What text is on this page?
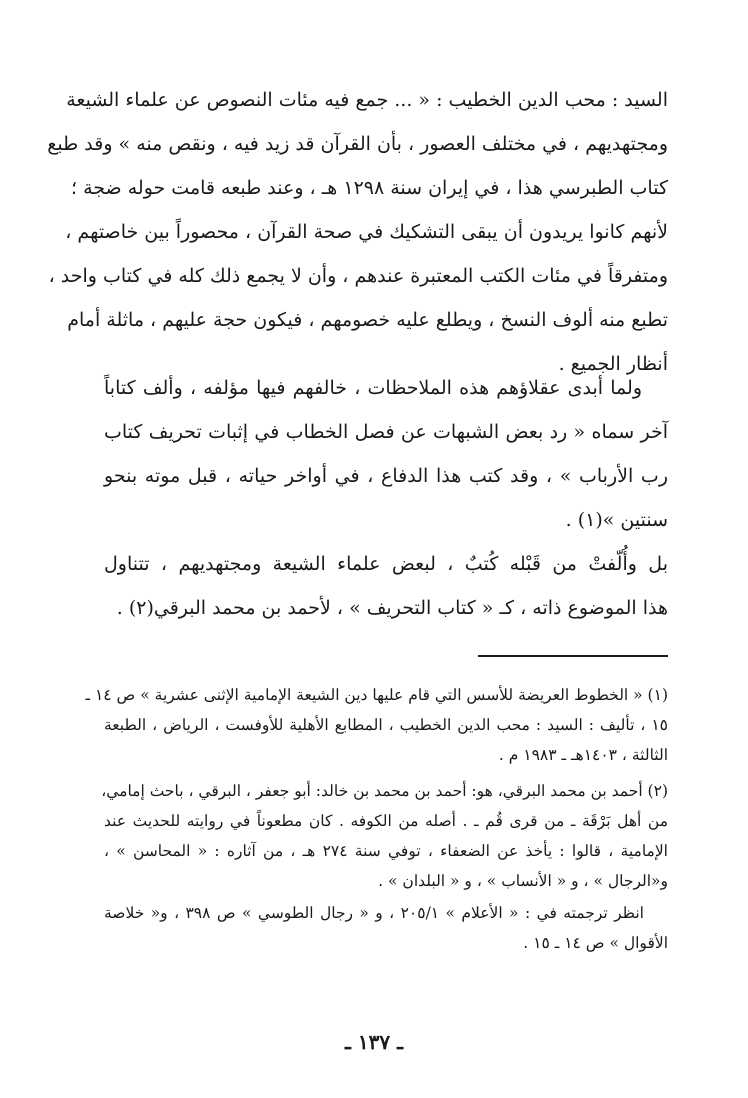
السيد : محب الدين الخطيب : « ... جمع فيه مئات النصوص عن علماء الشيعة
ومجتهديهم ، في مختلف العصور ، بأن القرآن قد زيد فيه ، ونقص منه » وقد طبع
كتاب الطبرسي هذا ، في إيران سنة ١٢٩٨ هـ ، وعند طبعه قامت حوله ضجة ؛
لأنهم كانوا يريدون أن يبقى التشكيك في صحة القرآن ، محصوراً بين خاصتهم ،
ومتفرقاً في مئات الكتب المعتبرة عندهم ، وأن لا يجمع ذلك كله في كتاب واحد ،
تطبع منه ألوف النسخ ، ويطلع عليه خصومهم ، فيكون حجة عليهم ، ماثلة أمام
أنظار الجميع .
ولما أبدى عقلاؤهم هذه الملاحظات ، خالفهم فيها مؤلفه ، وألف كتاباً
آخر سماه « رد بعض الشبهات عن فصل الخطاب في إثبات تحريف كتاب
رب الأرباب » ، وقد كتب هذا الدفاع ، في أواخر حياته ، قبل موته بنحو
سنتين »(١) .
بل وأُلّفتْ من قَبْله كُتبٌ ، لبعض علماء الشيعة ومجتهديهم ، تتناول
هذا الموضوع ذاته ، كـ « كتاب التحريف » ، لأحمد بن محمد البرقي(٢) .
(١) « الخطوط العريضة للأسس التي قام عليها دين الشيعة الإمامية الإثنى عشرية » ص ١٤ ـ
١٥ ، تأليف : السيد : محب الدين الخطيب ، المطابع الأهلية للأوفست ، الرياض ، الطبعة
الثالثة ، ١٤٠٣هـ ـ ١٩٨٣ م .
(٢) أحمد بن محمد البرقي، هو: أحمد بن محمد بن خالد: أبو جعفر ، البرقي ، باحث إمامي،
من أهل بَرْقَة ـ من قرى قُم ـ . أصله من الكوفه . كان مطعوناً في روايته للحديث عند
الإمامية ، قالوا : يأخذ عن الضعفاء ، توفي سنة ٢٧٤ هـ ، من آثاره : « المحاسن » ،
و«الرجال » ، و « الأنساب » ، و « البلدان » .
انظر ترجمته في : « الأعلام » ٢٠٥/١ ، و « رجال الطوسي » ص ٣٩٨ ، و« خلاصة
الأقوال » ص ١٤ ـ ١٥ .
ـ ١٣٧ ـ
